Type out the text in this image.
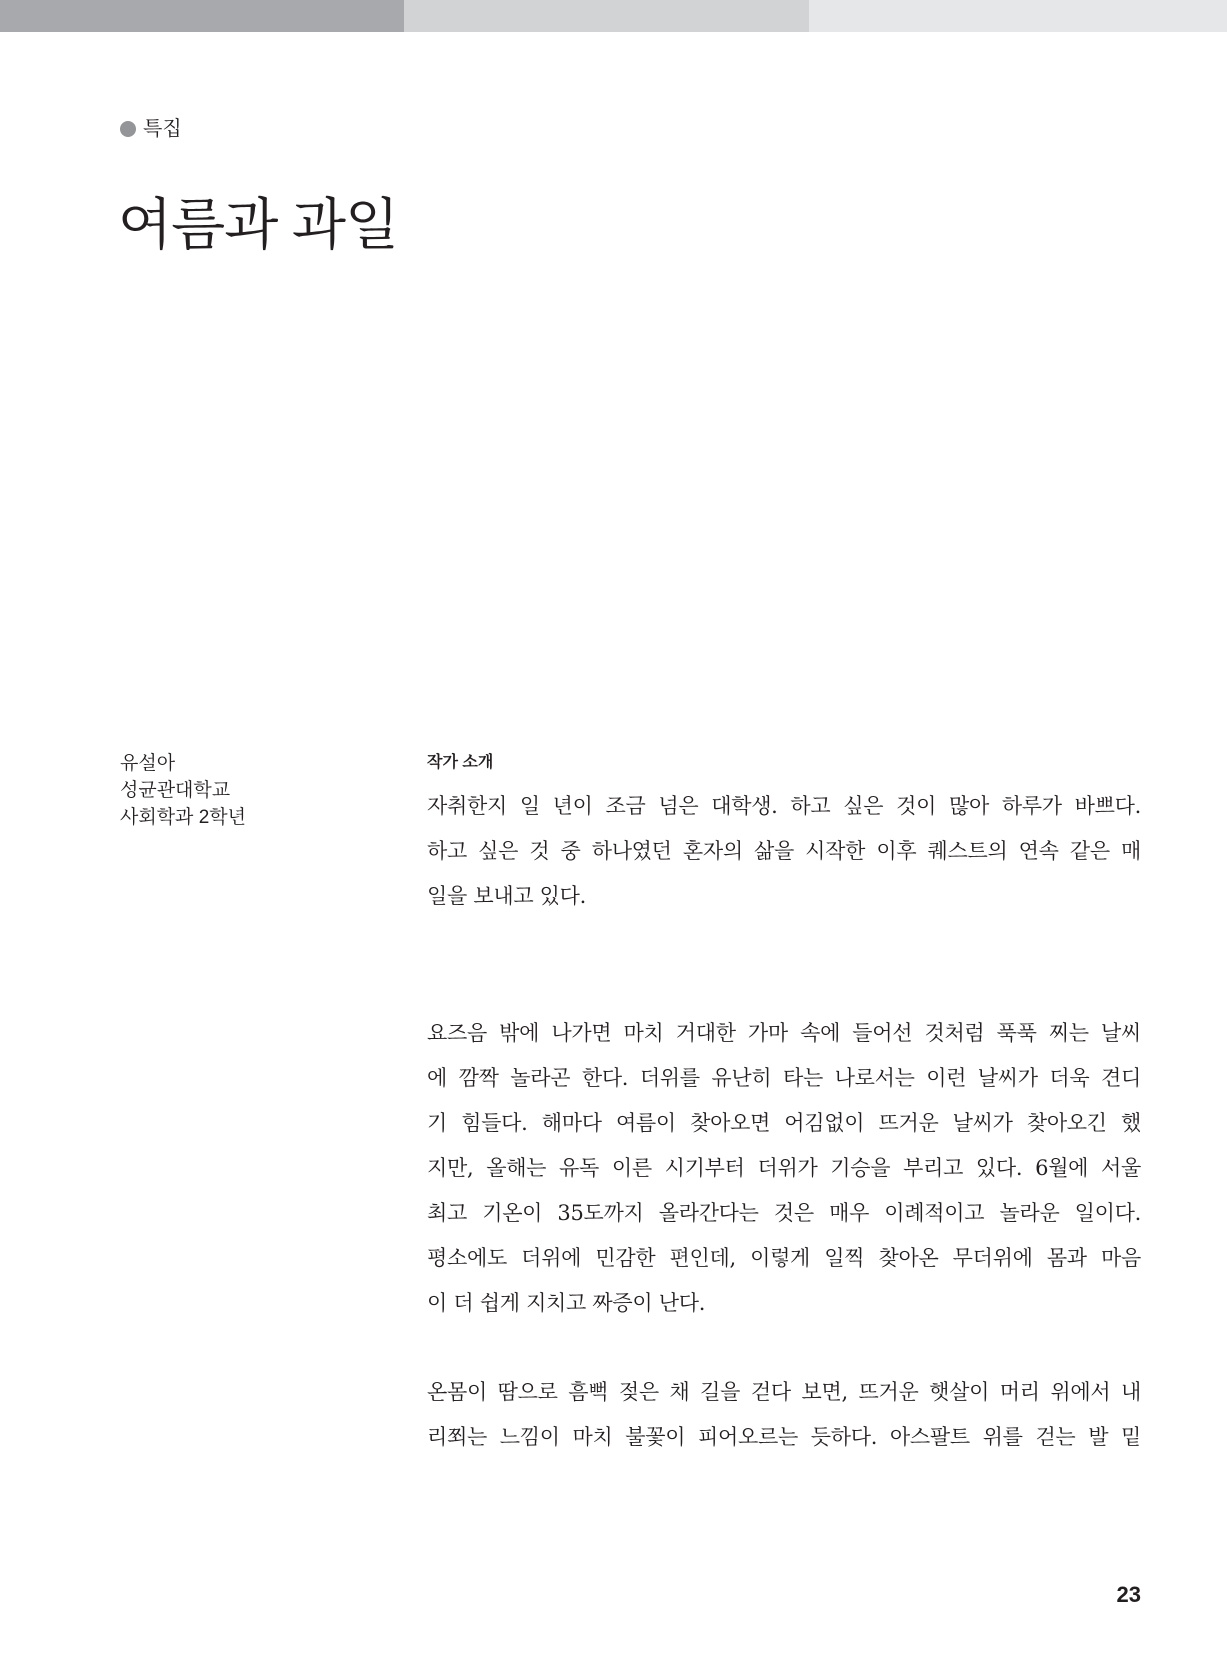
특집
여름과 과일
유설아
성균관대학교
사회학과 2학년
작가 소개
자취한지 일 년이 조금 넘은 대학생. 하고 싶은 것이 많아 하루가 바쁘다.
하고 싶은 것 중 하나였던 혼자의 삶을 시작한 이후 퀘스트의 연속 같은 매
일을 보내고 있다.
요즈음 밖에 나가면 마치 거대한 가마 속에 들어선 것처럼 푹푹 찌는 날씨
에 깜짝 놀라곤 한다. 더위를 유난히 타는 나로서는 이런 날씨가 더욱 견디
기 힘들다. 해마다 여름이 찾아오면 어김없이 뜨거운 날씨가 찾아오긴 했
지만, 올해는 유독 이른 시기부터 더위가 기승을 부리고 있다. 6월에 서울
최고 기온이 35도까지 올라간다는 것은 매우 이례적이고 놀라운 일이다.
평소에도 더위에 민감한 편인데, 이렇게 일찍 찾아온 무더위에 몸과 마음
이 더 쉽게 지치고 짜증이 난다.
온몸이 땀으로 흠뻑 젖은 채 길을 걷다 보면, 뜨거운 햇살이 머리 위에서 내
리쬐는 느낌이 마치 불꽃이 피어오르는 듯하다. 아스팔트 위를 걷는 발 밑
23
